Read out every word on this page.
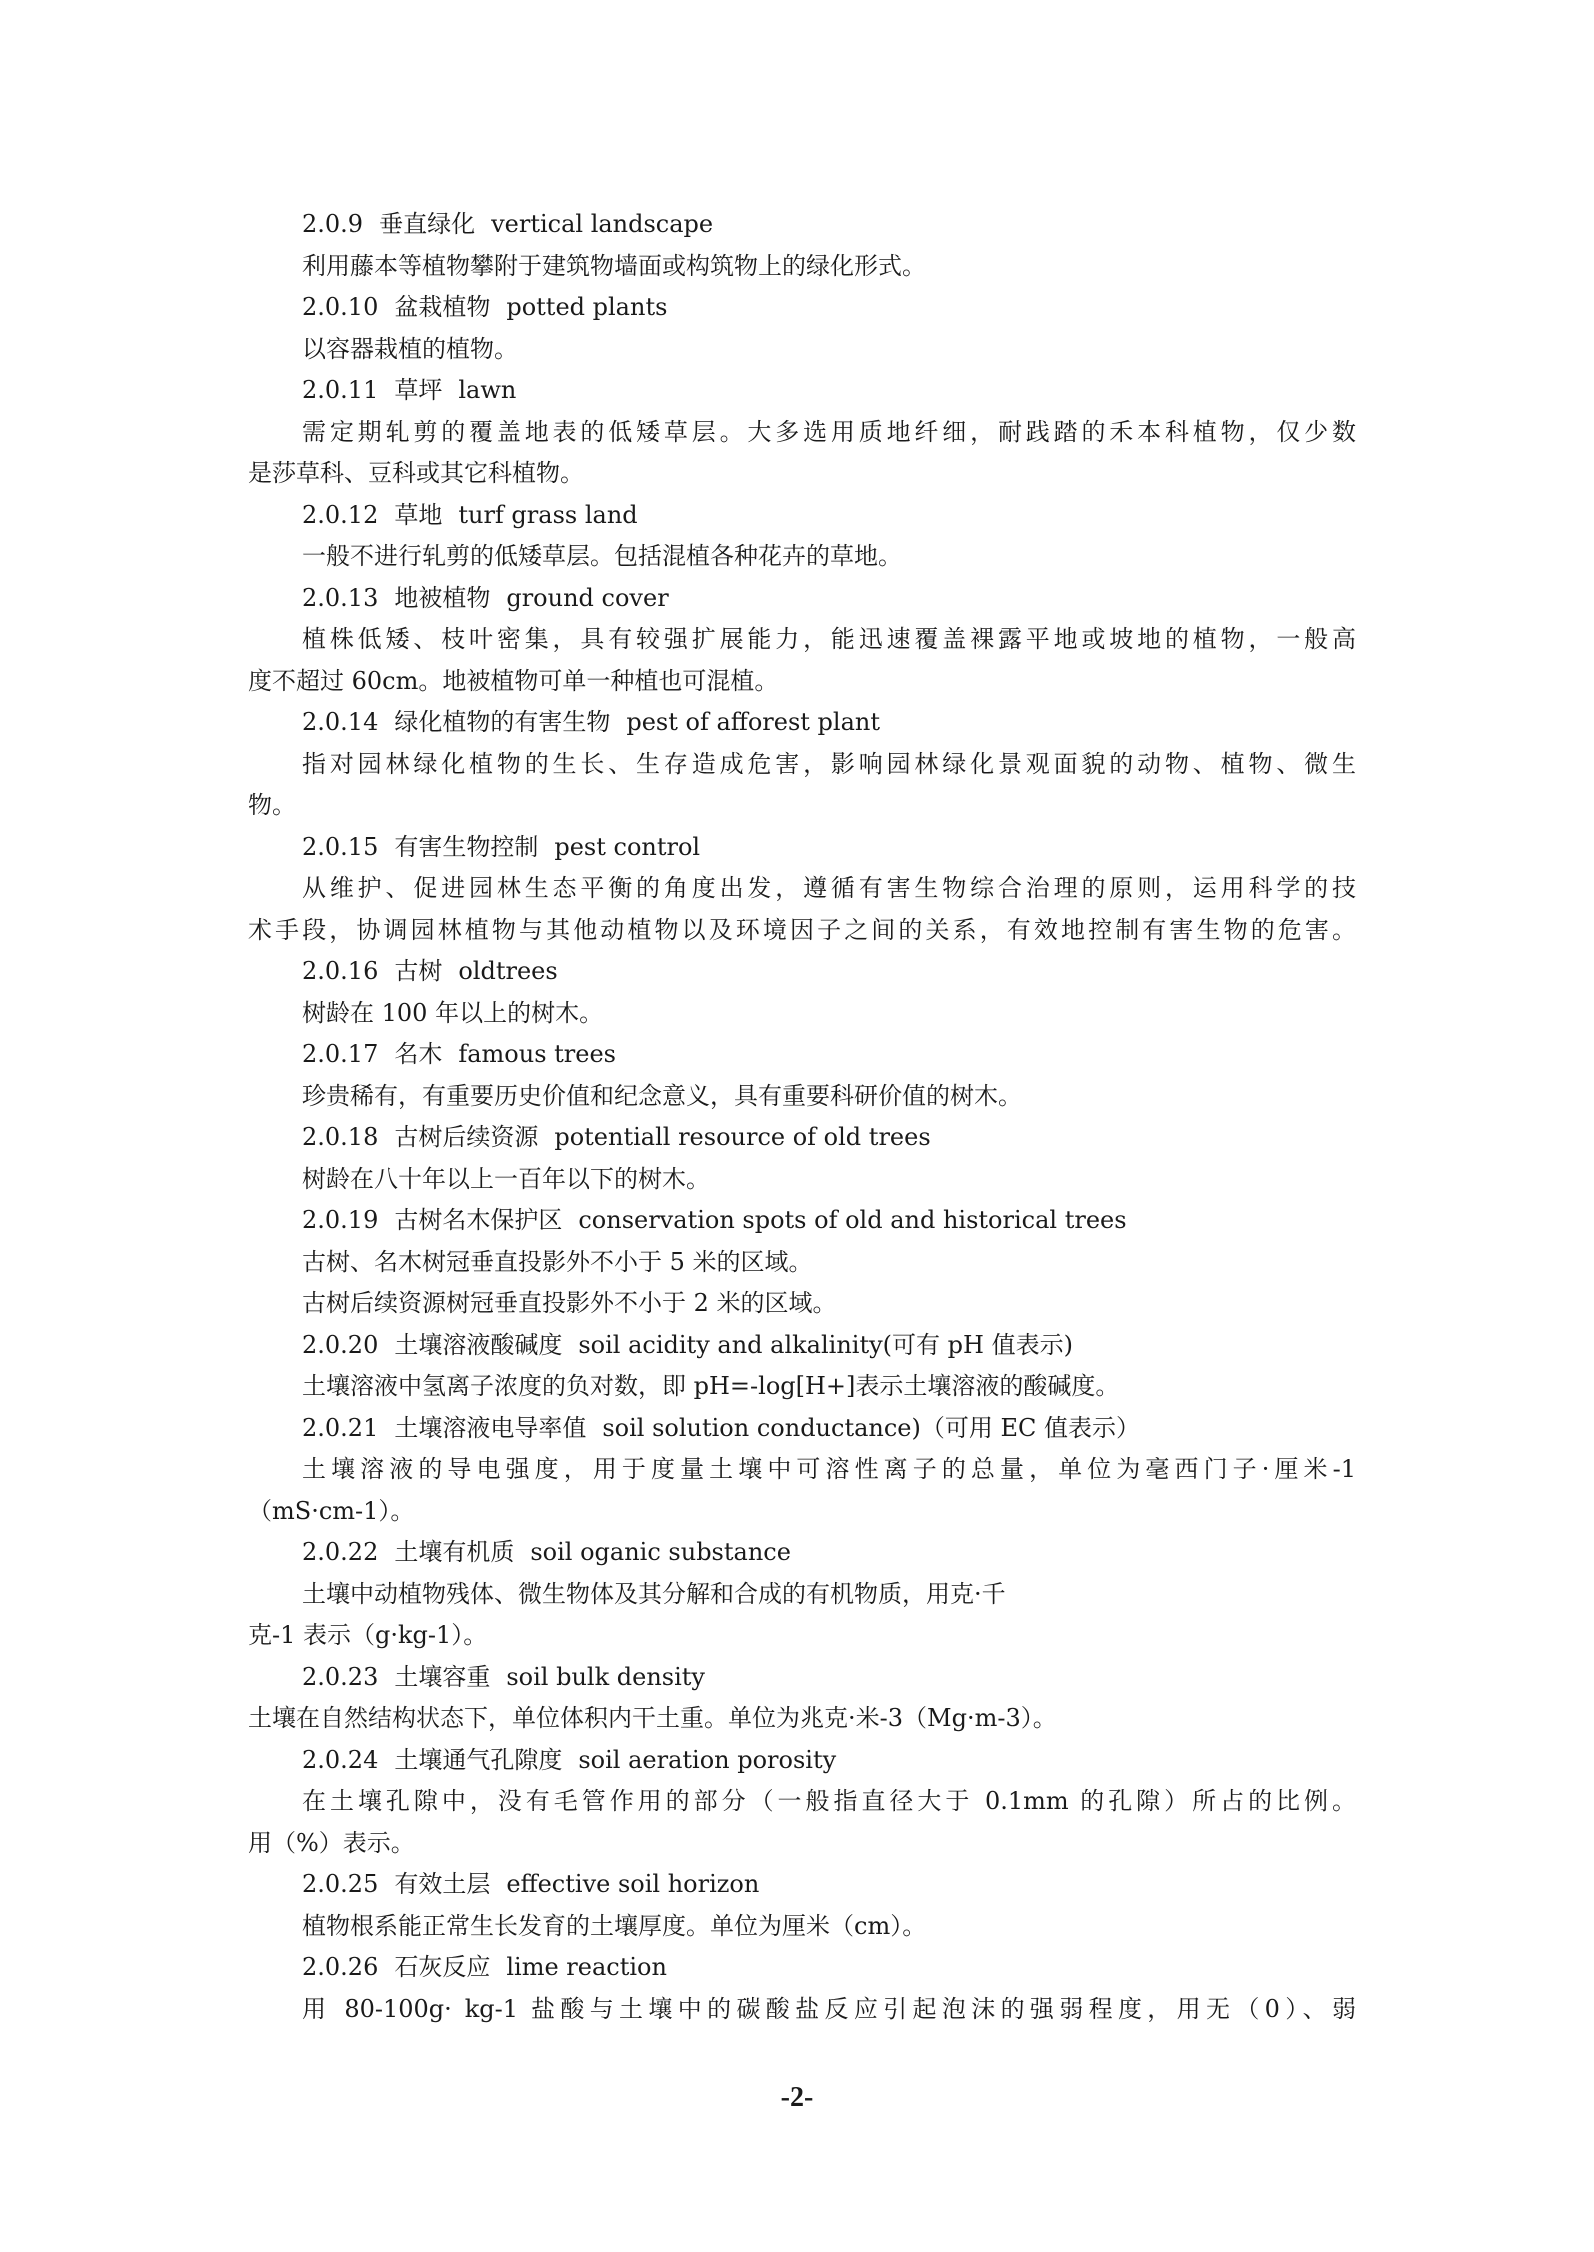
2.0.9 垂直绿化 vertical landscape
利用藤本等植物攀附于建筑物墙面或构筑物上的绿化形式。
2.0.10 盆栽植物 potted plants
以容器栽植的植物。
2.0.11 草坪 lawn
需定期轧剪的覆盖地表的低矮草层。大多选用质地纤细，耐践踏的禾本科植物，仅少数
是莎草科、豆科或其它科植物。
2.0.12 草地 turf grass land
一般不进行轧剪的低矮草层。包括混植各种花卉的草地。
2.0.13 地被植物 ground cover
植株低矮、枝叶密集，具有较强扩展能力，能迅速覆盖裸露平地或坡地的植物，一般高
度不超过 60cm。地被植物可单一种植也可混植。
2.0.14 绿化植物的有害生物 pest of afforest plant
指对园林绿化植物的生长、生存造成危害，影响园林绿化景观面貌的动物、植物、微生
物。
2.0.15 有害生物控制 pest control
从维护、促进园林生态平衡的角度出发，遵循有害生物综合治理的原则，运用科学的技
术手段，协调园林植物与其他动植物以及环境因子之间的关系，有效地控制有害生物的危害。
2.0.16 古树 oldtrees
树龄在 100 年以上的树木。
2.0.17 名木 famous trees
珍贵稀有，有重要历史价值和纪念意义，具有重要科研价值的树木。
2.0.18 古树后续资源 potentiall resource of old trees
树龄在八十年以上一百年以下的树木。
2.0.19 古树名木保护区 conservation spots of old and historical trees
古树、名木树冠垂直投影外不小于 5 米的区域。
古树后续资源树冠垂直投影外不小于 2 米的区域。
2.0.20 土壤溶液酸碱度 soil acidity and alkalinity(可有 pH 值表示)
土壤溶液中氢离子浓度的负对数，即 pH=-log[H+]表示土壤溶液的酸碱度。
2.0.21 土壤溶液电导率值 soil solution conductance)（可用 EC 值表示）
土壤溶液的导电强度，用于度量土壤中可溶性离子的总量，单位为毫西门子·厘米-1
（mS·cm-1）。
2.0.22 土壤有机质 soil oganic substance
土壤中动植物残体、微生物体及其分解和合成的有机物质，用克·千
克-1 表示（g·kg-1）。
2.0.23 土壤容重 soil bulk density
土壤在自然结构状态下，单位体积内干土重。单位为兆克·米-3（Mg·m-3）。
2.0.24 土壤通气孔隙度 soil aeration porosity
在土壤孔隙中，没有毛管作用的部分（一般指直径大于 0.1mm 的孔隙）所占的比例。
用（%）表示。
2.0.25 有效土层 effective soil horizon
植物根系能正常生长发育的土壤厚度。单位为厘米（cm）。
2.0.26 石灰反应 lime reaction
用 80-100g· kg-1 盐酸与土壤中的碳酸盐反应引起泡沫的强弱程度，用无（0）、弱
-2-
